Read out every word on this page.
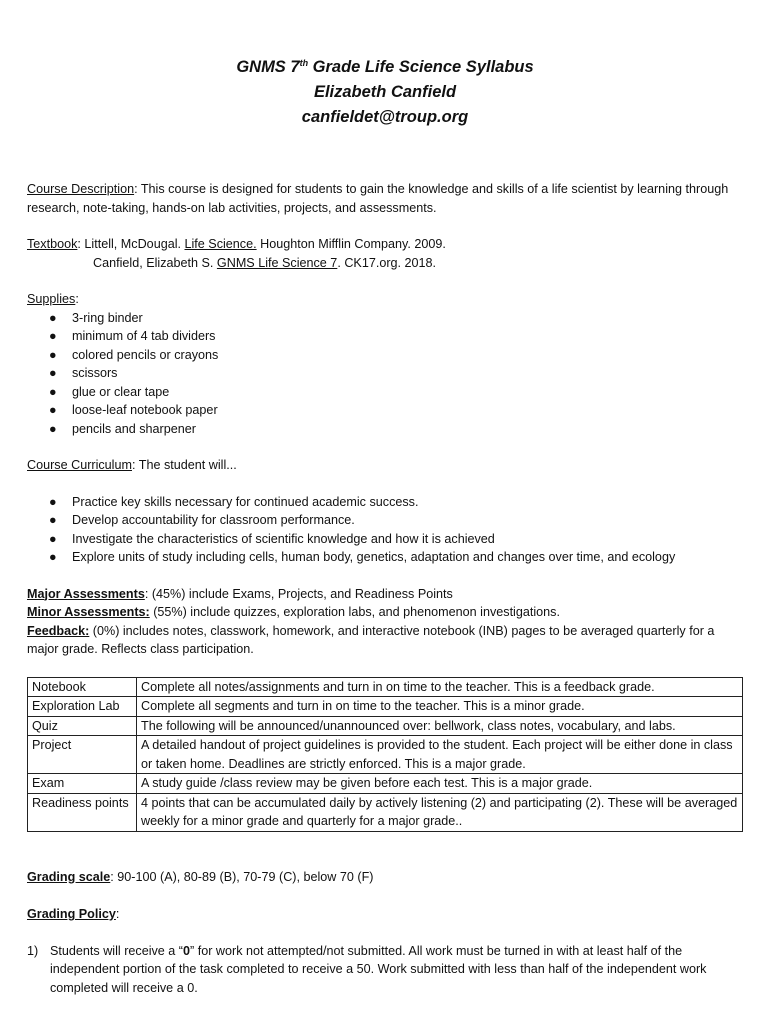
GNMS 7th Grade Life Science Syllabus
Elizabeth Canfield
canfieldet@troup.org

Course Description: This course is designed for students to gain the knowledge and skills of a life scientist by learning through research, note-taking, hands-on lab activities, projects, and assessments.

Textbook: Littell, McDougal. Life Science. Houghton Mifflin Company. 2009.

Canfield, Elizabeth S. GNMS Life Science 7. CK17.org. 2018.

Supplies:

● 3-ring binder
● minimum of 4 tab dividers
● colored pencils or crayons
● scissors
● glue or clear tape
● loose-leaf notebook paper
● pencils and sharpener

Course Curriculum: The student will...

● Practice key skills necessary for continued academic success.
● Develop accountability for classroom performance.
● Investigate the characteristics of scientific knowledge and how it is achieved
● Explore units of study including cells, human body, genetics, adaptation and changes over time, and ecology

Major Assessments: (45%) include Exams, Projects, and Readiness Points

Minor Assessments: (55%) include quizzes, exploration labs, and phenomenon investigations.

Feedback: (0%) includes notes, classwork, homework, and interactive notebook (INB) pages to be averaged quarterly for a major grade. Reflects class participation.

Notebook	Complete all notes/assignments and turn in on time to the teacher. This is a feedback grade.
Exploration Lab	Complete all segments and turn in on time to the teacher. This is a minor grade.
Quiz	The following will be announced/unannounced over: bellwork, class notes, vocabulary, and labs.
Project	A detailed handout of project guidelines is provided to the student. Each project will be either done in class or taken home. Deadlines are strictly enforced. This is a major grade.
Exam	A study guide /class review may be given before each test. This is a major grade.
Readiness points	4 points that can be accumulated daily by actively listening (2) and participating (2). These will be averaged weekly for a minor grade and quarterly for a major grade..

Grading scale: 90-100 (A), 80-89 (B), 70-79 (C), below 70 (F)

Grading Policy:

1) Students will receive a “0” for work not attempted/not submitted. All work must be turned in with at least half of the independent portion of the task completed to receive a 50. Work submitted with less than half of the independent work completed will receive a 0.
